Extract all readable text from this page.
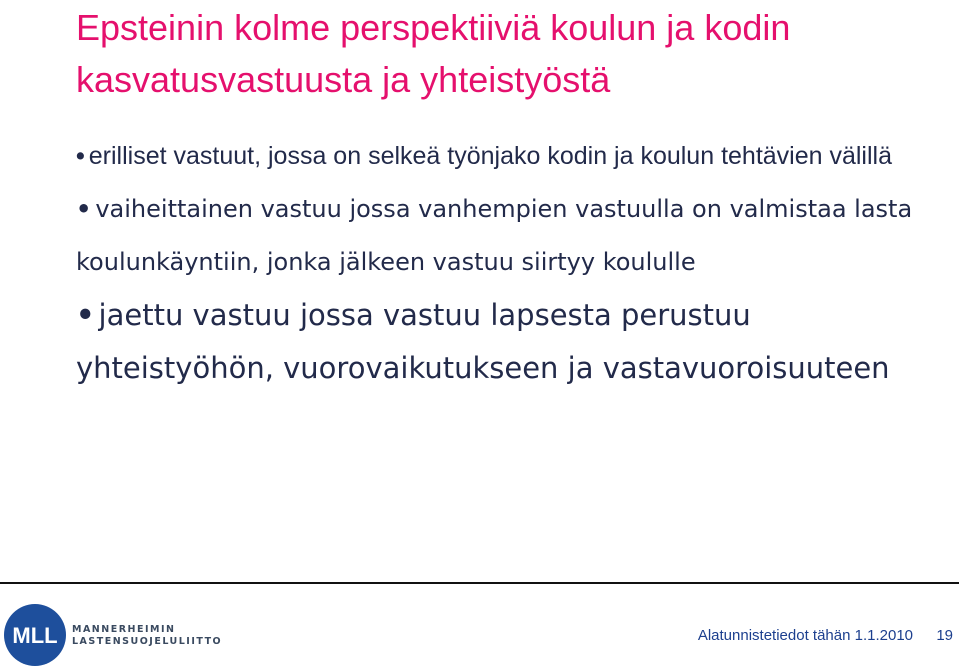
Epsteinin kolme perspektiiviä koulun ja kodin kasvatusvastuusta ja yhteistyöstä
• erilliset vastuut, jossa on selkeä työnjako kodin ja koulun tehtävien välillä
• vaiheittainen vastuu jossa vanhempien vastuulla on valmistaa lasta koulunkäyntiin, jonka jälkeen vastuu siirtyy koululle
• jaettu vastuu jossa vastuu lapsesta perustuu yhteistyöhön, vuorovaikutukseen ja vastavuoroisuuteen
MLL MANNERHEIMIN
LASTENSUOJELULIITTO	Alatunnistetiedot tähän 1.1.2010 19
